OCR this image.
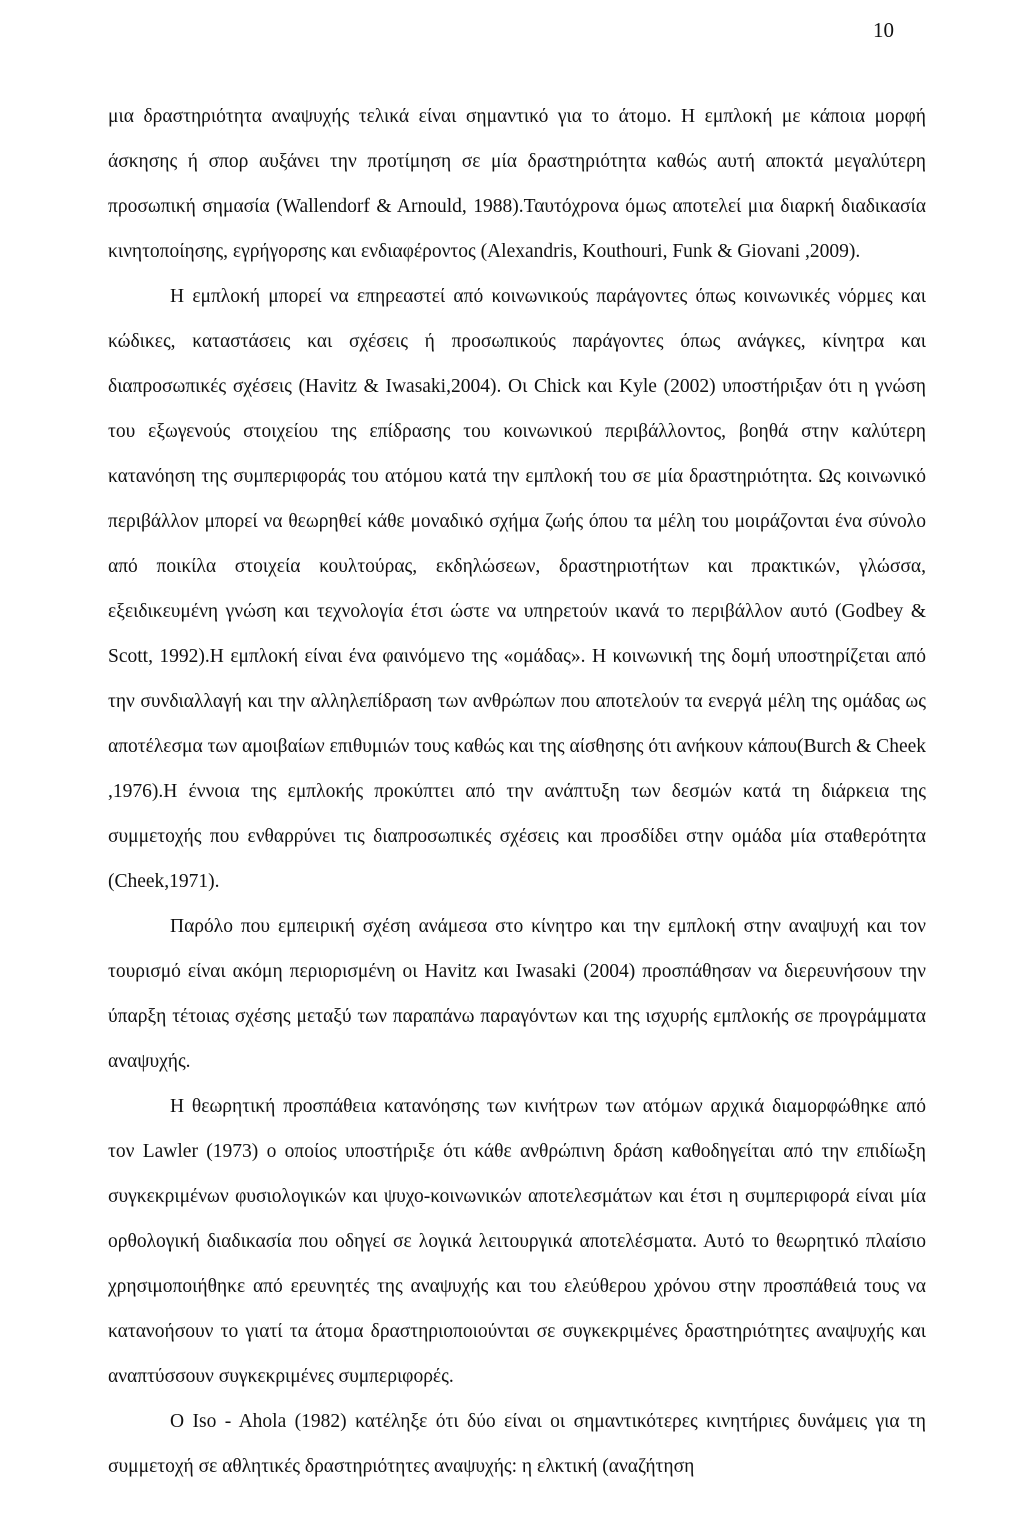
10

μια δραστηριότητα αναψυχής τελικά είναι σημαντικό για το άτομο. Η εμπλοκή με κάποια μορφή άσκησης ή σπορ αυξάνει την προτίμηση σε μία δραστηριότητα καθώς αυτή αποκτά μεγαλύτερη προσωπική σημασία (Wallendorf & Arnould, 1988).Ταυτόχρονα όμως αποτελεί μια διαρκή διαδικασία κινητοποίησης, εγρήγορσης και ενδιαφέροντος (Alexandris, Kouthouri, Funk & Giovani ,2009).

Η εμπλοκή μπορεί να επηρεαστεί από κοινωνικούς παράγοντες όπως κοινωνικές νόρμες και κώδικες, καταστάσεις και σχέσεις ή προσωπικούς παράγοντες όπως ανάγκες, κίνητρα και διαπροσωπικές σχέσεις (Havitz & Iwasaki,2004). Οι Chick και Kyle (2002) υποστήριξαν ότι η γνώση του εξωγενούς στοιχείου της επίδρασης του κοινωνικού περιβάλλοντος, βοηθά στην καλύτερη κατανόηση της συμπεριφοράς του ατόμου κατά την εμπλοκή του σε μία δραστηριότητα. Ως κοινωνικό περιβάλλον μπορεί να θεωρηθεί κάθε μοναδικό σχήμα ζωής όπου τα μέλη του μοιράζονται ένα σύνολο από ποικίλα στοιχεία κουλτούρας, εκδηλώσεων, δραστηριοτήτων και πρακτικών, γλώσσα, εξειδικευμένη γνώση και τεχνολογία έτσι ώστε να υπηρετούν ικανά το περιβάλλον αυτό (Godbey & Scott, 1992).Η εμπλοκή είναι ένα φαινόμενο της «ομάδας». Η κοινωνική της δομή υποστηρίζεται από την συνδιαλλαγή και την αλληλεπίδραση των ανθρώπων που αποτελούν τα ενεργά μέλη της ομάδας ως αποτέλεσμα των αμοιβαίων επιθυμιών τους καθώς και της αίσθησης ότι ανήκουν κάπου(Burch & Cheek ,1976).Η έννοια της εμπλοκής προκύπτει από την ανάπτυξη των δεσμών κατά τη διάρκεια της συμμετοχής που ενθαρρύνει τις διαπροσωπικές σχέσεις και προσδίδει στην ομάδα μία σταθερότητα (Cheek,1971).

Παρόλο που εμπειρική σχέση ανάμεσα στο κίνητρο και την εμπλοκή στην αναψυχή και τον τουρισμό είναι ακόμη περιορισμένη οι Havitz και Iwasaki (2004) προσπάθησαν να διερευνήσουν την ύπαρξη τέτοιας σχέσης μεταξύ των παραπάνω παραγόντων και της ισχυρής εμπλοκής σε προγράμματα αναψυχής.

Η θεωρητική προσπάθεια κατανόησης των κινήτρων των ατόμων αρχικά διαμορφώθηκε από τον Lawler (1973) ο οποίος υποστήριξε ότι κάθε ανθρώπινη δράση καθοδηγείται από την επιδίωξη συγκεκριμένων φυσιολογικών και ψυχο-κοινωνικών αποτελεσμάτων και έτσι η συμπεριφορά είναι μία ορθολογική διαδικασία που οδηγεί σε λογικά λειτουργικά αποτελέσματα. Αυτό το θεωρητικό πλαίσιο χρησιμοποιήθηκε από ερευνητές της αναψυχής και του ελεύθερου χρόνου στην προσπάθειά τους να κατανοήσουν το γιατί τα άτομα δραστηριοποιούνται σε συγκεκριμένες δραστηριότητες αναψυχής και αναπτύσσουν συγκεκριμένες συμπεριφορές.

Ο Iso - Ahola (1982) κατέληξε ότι δύο είναι οι σημαντικότερες κινητήριες δυνάμεις για τη συμμετοχή σε αθλητικές δραστηριότητες αναψυχής: η ελκτική (αναζήτηση
